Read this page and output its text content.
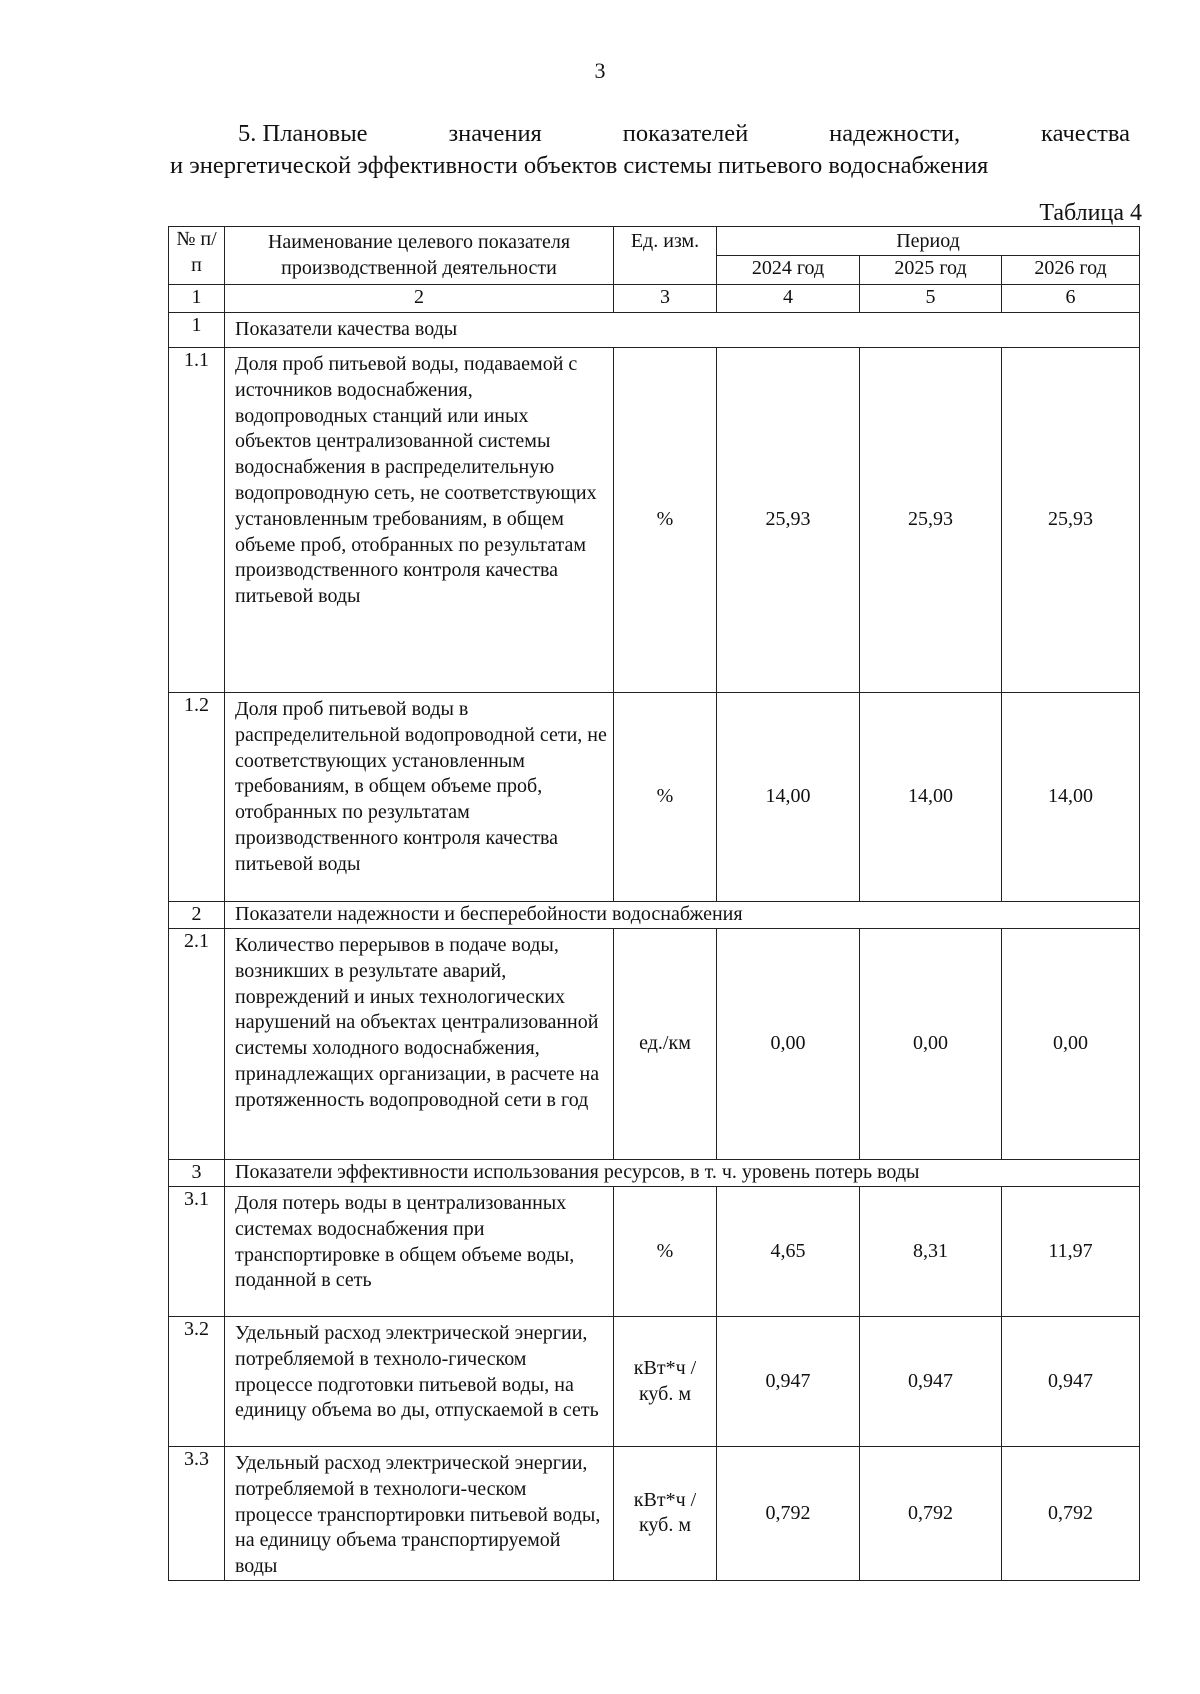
3
5. Плановые	значения	показателей	надежности,	качества
и энергетической эффективности объектов системы питьевого водоснабжения
Таблица 4
№ п/п	Наименование целевого показателя производственной деятельности	Ед. изм.	Период		
			2024 год	2025 год	2026 год
1	2	3	4	5	6
1	Показатели качества воды				
1.1	Доля проб питьевой воды, подаваемой с источников водоснабжения, водопроводных станций или иных объектов централизованной системы водоснабжения в распределительную водопроводную сеть, не соответствующих установленным требованиям, в общем объеме проб, отобранных по результатам производственного контроля качества питьевой воды	%	25,93	25,93	25,93
1.2	Доля проб питьевой воды в распределительной водопроводной сети, не соответствующих установленным требованиям, в общем объеме проб, отобранных по результатам производственного контроля качества питьевой воды	%	14,00	14,00	14,00
2	Показатели надежности и бесперебойности водоснабжения				
2.1	Количество перерывов в подаче воды, возникших в результате аварий, повреждений и иных технологических нарушений на объектах централизованной системы холодного водоснабжения, принадлежащих организации, в расчете на протяженность водопроводной сети в год	ед./км	0,00	0,00	0,00
3	Показатели эффективности использования ресурсов, в т. ч. уровень потерь воды				
3.1	Доля потерь воды в централизованных системах водоснабжения при транспортировке в общем объеме воды, поданной в сеть	%	4,65	8,31	11,97
3.2	Удельный расход электрической энергии, потребляемой в техноло-гическом процессе подготовки питьевой воды, на единицу объема во ды, отпускаемой в сеть	кВт*ч / куб. м	0,947	0,947	0,947
3.3	Удельный расход электрической энергии, потребляемой в технологи-ческом процессе транспортировки питьевой воды, на единицу объема транспортируемой воды	кВт*ч / куб. м	0,792	0,792	0,792
